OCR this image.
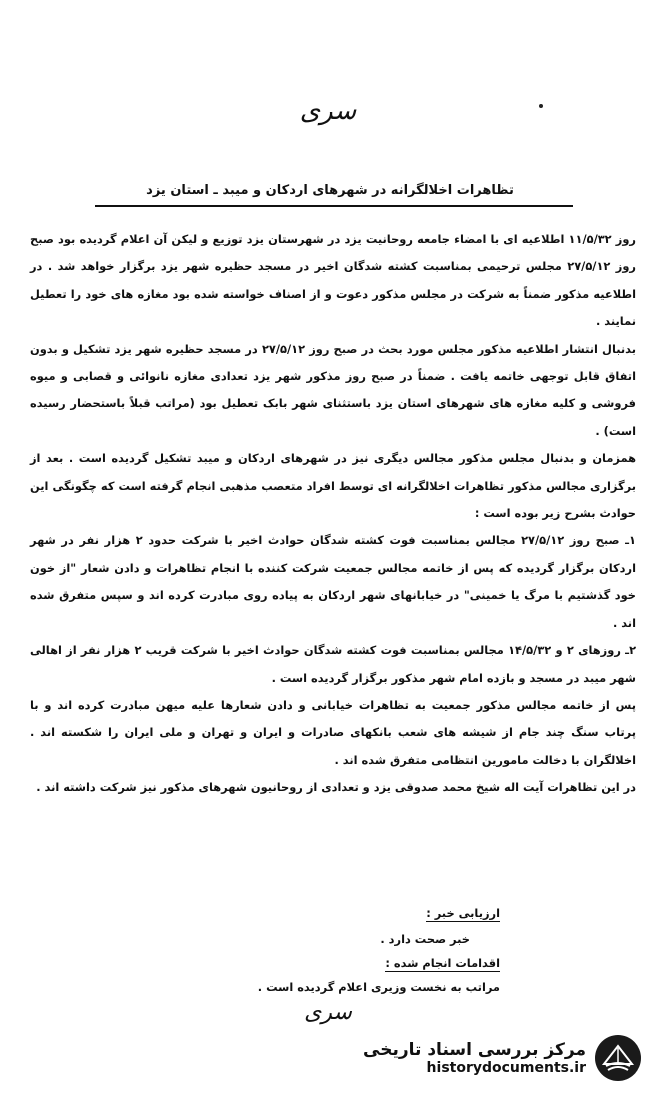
سری
تظاهرات اخلالگرانه در شهرهای اردکان و میبد ـ استان یزد

روز ۱۱/۵/۳۲ اطلاعیه ای با امضاء جامعه روحانیت یزد در شهرستان یزد توزیع و لیکن آن اعلام گردیده بود صبح روز ۲۷/۵/۱۲ مجلس ترحیمی بمناسبت کشته شدگان اخیر در مسجد حظیره شهر یزد برگزار خواهد شد . در اطلاعیه مذکور ضمناً به شرکت در مجلس مذکور دعوت و از اصناف خواسته شده بود مغازه های خود را تعطیل نمایند .

بدنبال انتشار اطلاعیه مذکور مجلس مورد بحث در صبح روز ۲۷/۵/۱۲ در مسجد حظیره شهر یزد تشکیل و بدون اتفاق قابل توجهی خاتمه یافت . ضمناً در صبح روز مذکور شهر یزد تعدادی مغازه نانوائی و قصابی و میوه فروشی و کلیه مغازه های شهرهای استان یزد باستثنای شهر بابک تعطیل بود (مراتب قبلاً باستحضار رسیده است) .

همزمان و بدنبال مجلس مذکور مجالس دیگری نیز در شهرهای اردکان و میبد تشکیل گردیده است . بعد از برگزاری مجالس مذکور تظاهرات اخلالگرانه ای توسط افراد متعصب مذهبی انجام گرفته است که چگونگی این حوادث بشرح زیر بوده است :

۱ـ صبح روز ۲۷/۵/۱۲ مجالس بمناسبت فوت کشته شدگان حوادث اخیر با شرکت حدود ۲ هزار نفر در شهر اردکان برگزار گردیده که پس از خاتمه مجالس جمعیت شرکت کننده با انجام تظاهرات و دادن شعار "از خون خود گذشتیم با مرگ یا خمینی" در خیابانهای شهر اردکان به پیاده روی مبادرت کرده اند و سپس متفرق شده اند .

۲ـ روزهای ۲ و ۱۴/۵/۳۲ مجالس بمناسبت فوت کشته شدگان حوادث اخیر با شرکت قریب ۲ هزار نفر از اهالی شهر میبد در مسجد و بازده امام شهر مذکور برگزار گردیده است .

پس از خاتمه مجالس مذکور جمعیت به تظاهرات خیابانی و دادن شعارها علیه میهن مبادرت کرده اند و با پرتاب سنگ چند جام از شیشه های شعب بانکهای صادرات و ایران و تهران و ملی ایران را شکسته اند . اخلالگران با دخالت مامورین انتظامی متفرق شده اند .

در این تظاهرات آیت اله شیخ محمد صدوقی یزد و تعدادی از روحانیون شهرهای مذکور نیز شرکت داشته اند .

ارزیابی خبر :
خبر صحت دارد .
اقدامات انجام شده :
مراتب به نخست وزیری اعلام گردیده است .
سری
مرکز بررسی اسناد تاریخی
historydocuments.ir
